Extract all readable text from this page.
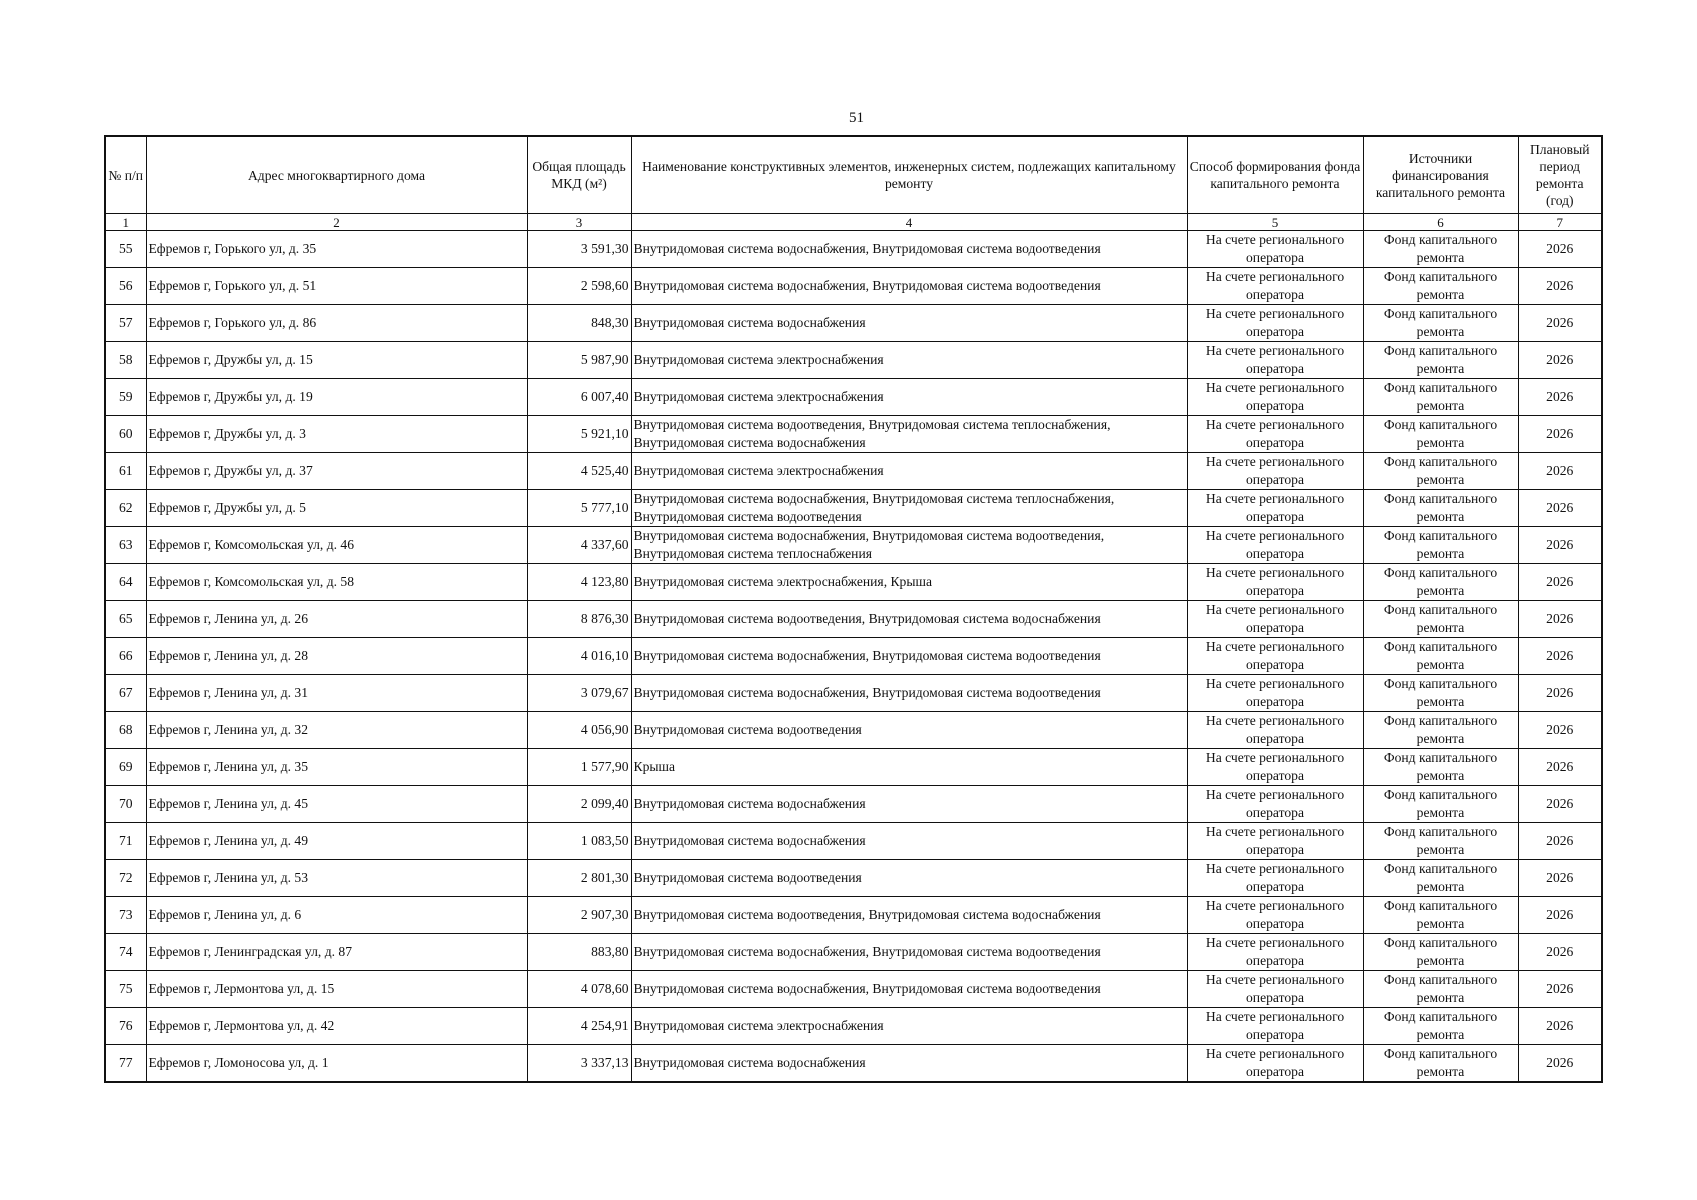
51
№ п/п	Адрес многоквартирного дома	Общая площадь МКД (м²)	Наименование конструктивных элементов, инженерных систем, подлежащих капитальному ремонту	Способ формирования фонда капитального ремонта	Источники финансирования капитального ремонта	Плановый период ремонта (год)
1	2	3	4	5	6	7
55	Ефремов г, Горького ул, д. 35	3 591,30	Внутридомовая система водоснабжения, Внутридомовая система водоотведения	На счете регионального оператора	Фонд капитального ремонта	2026
56	Ефремов г, Горького ул, д. 51	2 598,60	Внутридомовая система водоснабжения, Внутридомовая система водоотведения	На счете регионального оператора	Фонд капитального ремонта	2026
57	Ефремов г, Горького ул, д. 86	848,30	Внутридомовая система водоснабжения	На счете регионального оператора	Фонд капитального ремонта	2026
58	Ефремов г, Дружбы ул, д. 15	5 987,90	Внутридомовая система электроснабжения	На счете регионального оператора	Фонд капитального ремонта	2026
59	Ефремов г, Дружбы ул, д. 19	6 007,40	Внутридомовая система электроснабжения	На счете регионального оператора	Фонд капитального ремонта	2026
60	Ефремов г, Дружбы ул, д. 3	5 921,10	Внутридомовая система водоотведения, Внутридомовая система теплоснабжения, Внутридомовая система водоснабжения	На счете регионального оператора	Фонд капитального ремонта	2026
61	Ефремов г, Дружбы ул, д. 37	4 525,40	Внутридомовая система электроснабжения	На счете регионального оператора	Фонд капитального ремонта	2026
62	Ефремов г, Дружбы ул, д. 5	5 777,10	Внутридомовая система водоснабжения, Внутридомовая система теплоснабжения, Внутридомовая система водоотведения	На счете регионального оператора	Фонд капитального ремонта	2026
63	Ефремов г, Комсомольская ул, д. 46	4 337,60	Внутридомовая система водоснабжения, Внутридомовая система водоотведения, Внутридомовая система теплоснабжения	На счете регионального оператора	Фонд капитального ремонта	2026
64	Ефремов г, Комсомольская ул, д. 58	4 123,80	Внутридомовая система электроснабжения, Крыша	На счете регионального оператора	Фонд капитального ремонта	2026
65	Ефремов г, Ленина ул, д. 26	8 876,30	Внутридомовая система водоотведения, Внутридомовая система водоснабжения	На счете регионального оператора	Фонд капитального ремонта	2026
66	Ефремов г, Ленина ул, д. 28	4 016,10	Внутридомовая система водоснабжения, Внутридомовая система водоотведения	На счете регионального оператора	Фонд капитального ремонта	2026
67	Ефремов г, Ленина ул, д. 31	3 079,67	Внутридомовая система водоснабжения, Внутридомовая система водоотведения	На счете регионального оператора	Фонд капитального ремонта	2026
68	Ефремов г, Ленина ул, д. 32	4 056,90	Внутридомовая система водоотведения	На счете регионального оператора	Фонд капитального ремонта	2026
69	Ефремов г, Ленина ул, д. 35	1 577,90	Крыша	На счете регионального оператора	Фонд капитального ремонта	2026
70	Ефремов г, Ленина ул, д. 45	2 099,40	Внутридомовая система водоснабжения	На счете регионального оператора	Фонд капитального ремонта	2026
71	Ефремов г, Ленина ул, д. 49	1 083,50	Внутридомовая система водоснабжения	На счете регионального оператора	Фонд капитального ремонта	2026
72	Ефремов г, Ленина ул, д. 53	2 801,30	Внутридомовая система водоотведения	На счете регионального оператора	Фонд капитального ремонта	2026
73	Ефремов г, Ленина ул, д. 6	2 907,30	Внутридомовая система водоотведения, Внутридомовая система водоснабжения	На счете регионального оператора	Фонд капитального ремонта	2026
74	Ефремов г, Ленинградская ул, д. 87	883,80	Внутридомовая система водоснабжения, Внутридомовая система водоотведения	На счете регионального оператора	Фонд капитального ремонта	2026
75	Ефремов г, Лермонтова ул, д. 15	4 078,60	Внутридомовая система водоснабжения, Внутридомовая система водоотведения	На счете регионального оператора	Фонд капитального ремонта	2026
76	Ефремов г, Лермонтова ул, д. 42	4 254,91	Внутридомовая система электроснабжения	На счете регионального оператора	Фонд капитального ремонта	2026
77	Ефремов г, Ломоносова ул, д. 1	3 337,13	Внутридомовая система водоснабжения	На счете регионального оператора	Фонд капитального ремонта	2026
